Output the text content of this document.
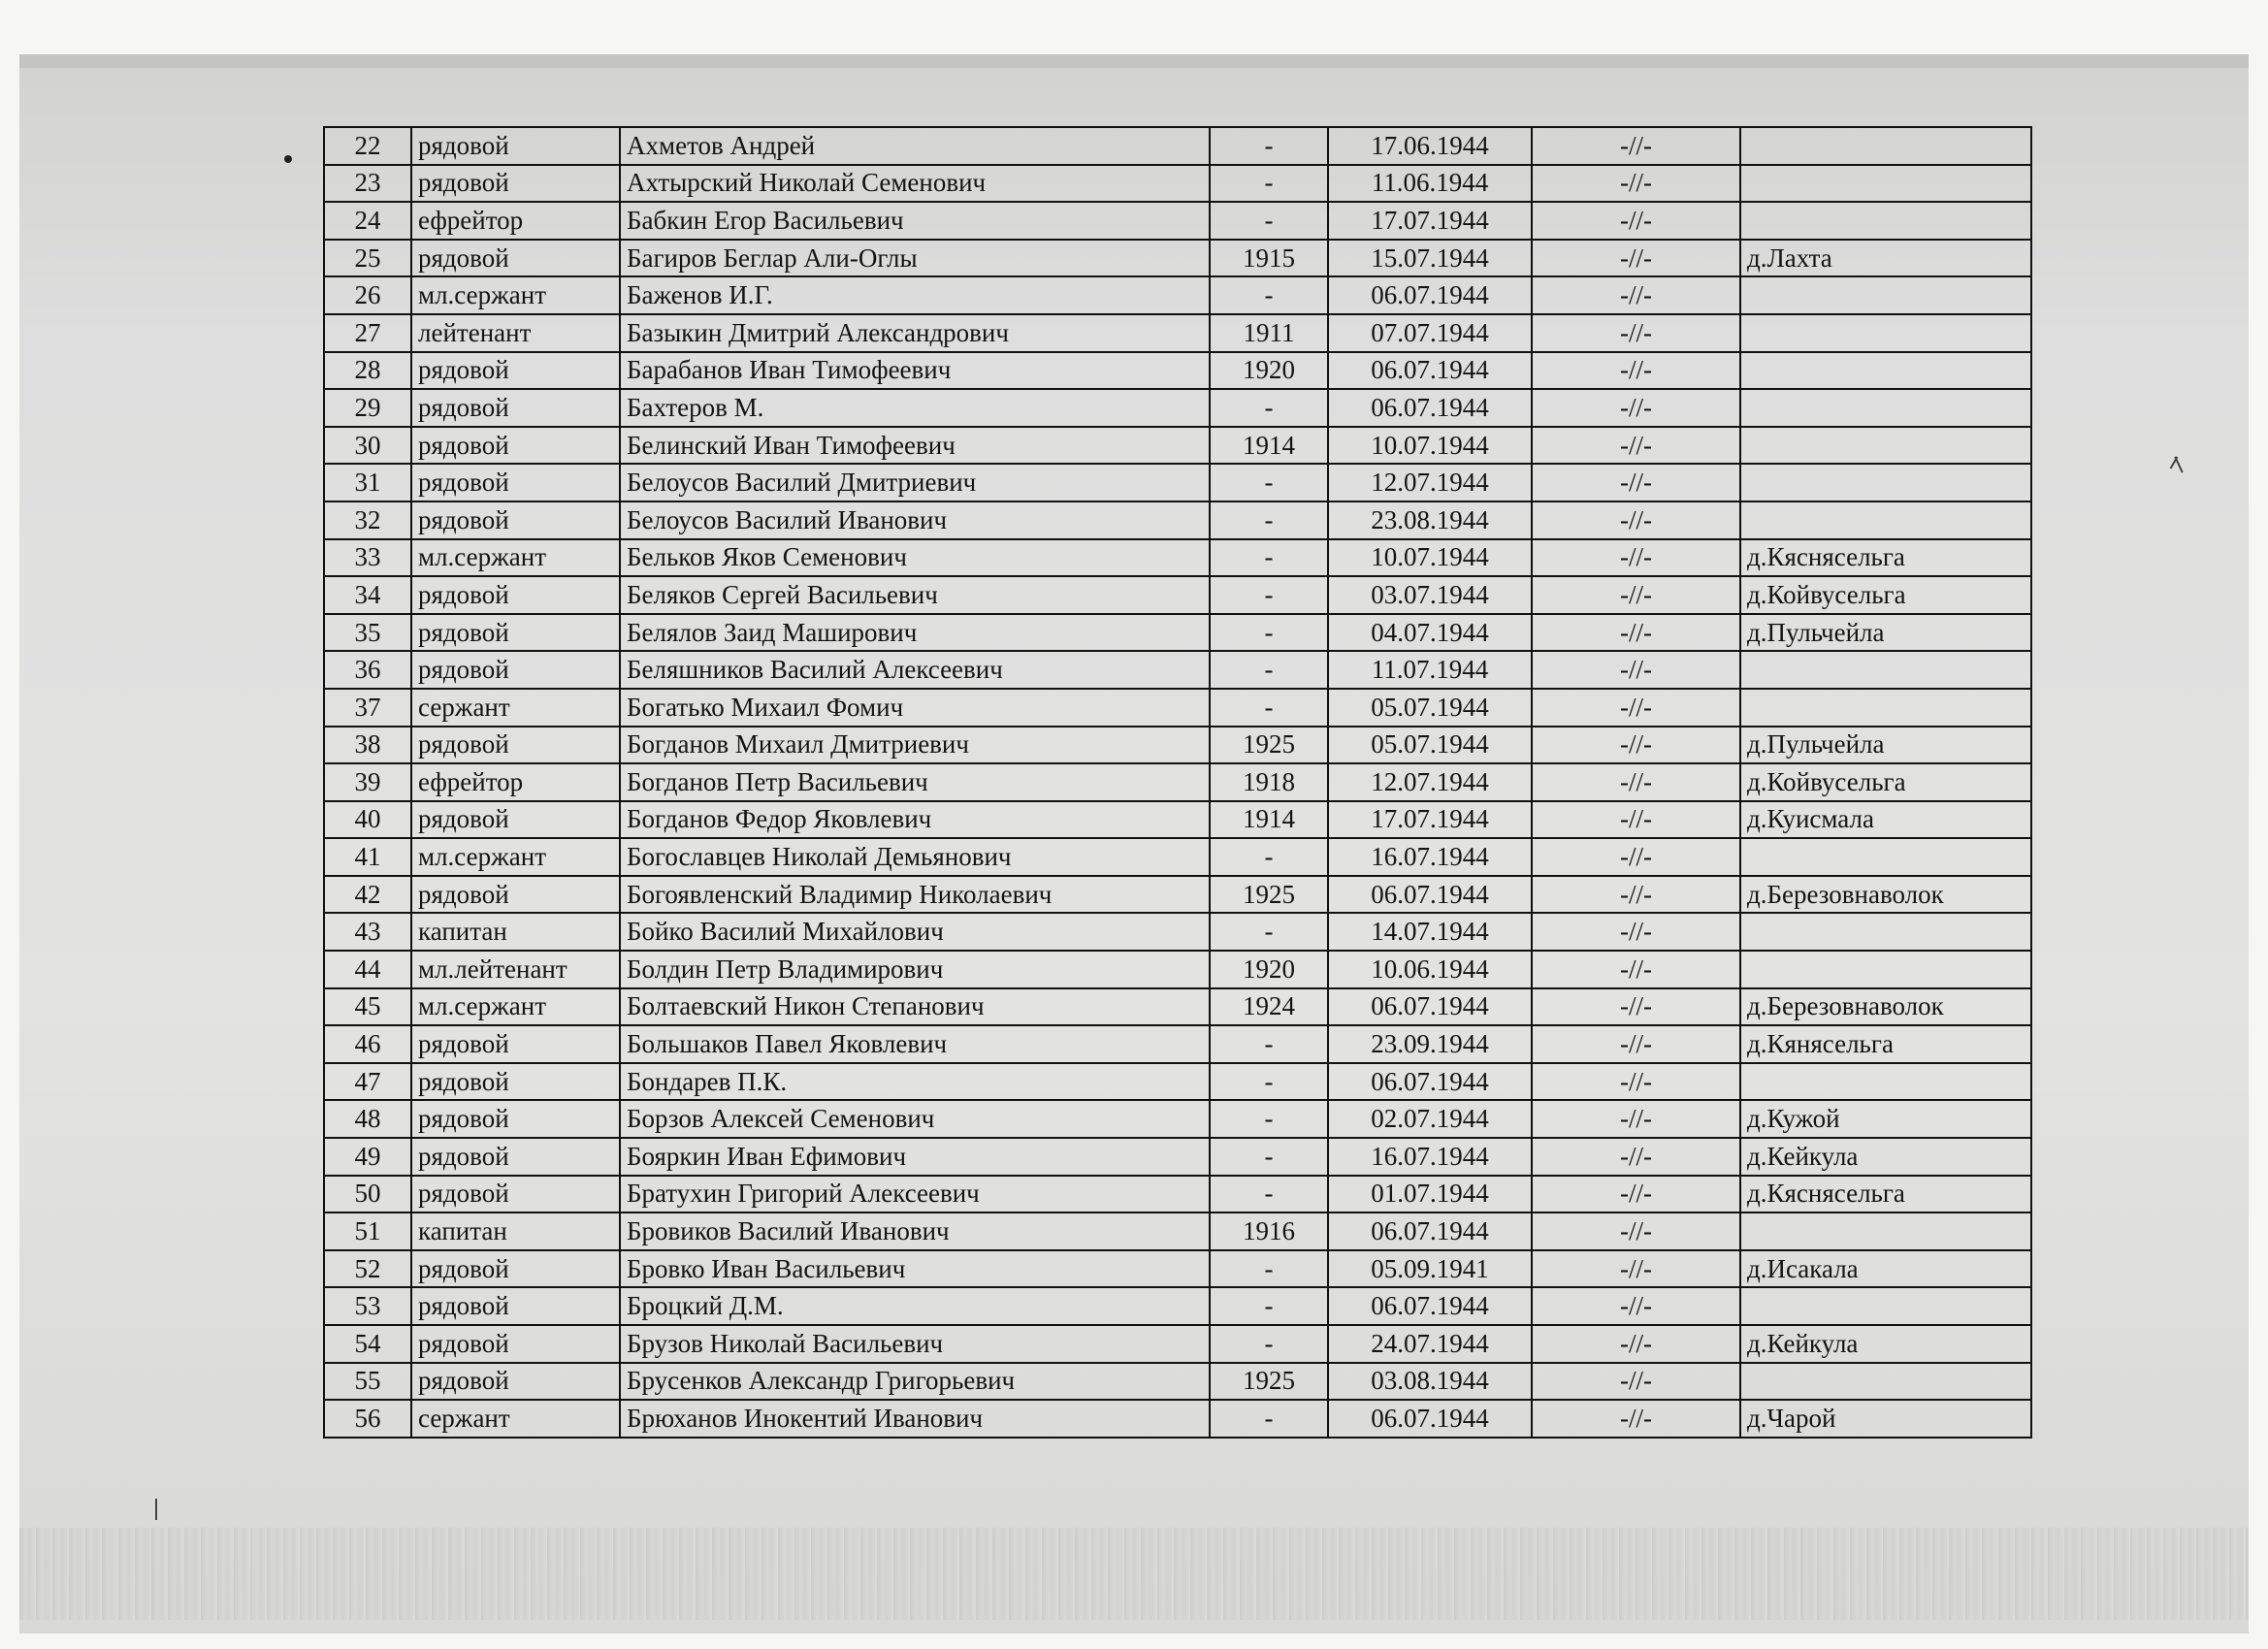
22	рядовой	Ахметов Андрей	-	17.06.1944	-//-	
23	рядовой	Ахтырский Николай Семенович	-	11.06.1944	-//-	
24	ефрейтор	Бабкин Егор Васильевич	-	17.07.1944	-//-	
25	рядовой	Багиров Беглар Али-Оглы	1915	15.07.1944	-//-	д.Лахта
26	мл.сержант	Баженов И.Г.	-	06.07.1944	-//-	
27	лейтенант	Базыкин Дмитрий Александрович	1911	07.07.1944	-//-	
28	рядовой	Барабанов Иван Тимофеевич	1920	06.07.1944	-//-	
29	рядовой	Бахтеров М.	-	06.07.1944	-//-	
30	рядовой	Белинский Иван Тимофеевич	1914	10.07.1944	-//-	
31	рядовой	Белоусов Василий Дмитриевич	-	12.07.1944	-//-	
32	рядовой	Белоусов Василий Иванович	-	23.08.1944	-//-	
33	мл.сержант	Бельков Яков Семенович	-	10.07.1944	-//-	д.Кяснясельга
34	рядовой	Беляков Сергей Васильевич	-	03.07.1944	-//-	д.Койвусельга
35	рядовой	Белялов Заид Маширович	-	04.07.1944	-//-	д.Пульчейла
36	рядовой	Беляшников Василий Алексеевич	-	11.07.1944	-//-	
37	сержант	Богатько Михаил Фомич	-	05.07.1944	-//-	
38	рядовой	Богданов Михаил Дмитриевич	1925	05.07.1944	-//-	д.Пульчейла
39	ефрейтор	Богданов Петр Васильевич	1918	12.07.1944	-//-	д.Койвусельга
40	рядовой	Богданов Федор Яковлевич	1914	17.07.1944	-//-	д.Куисмала
41	мл.сержант	Богославцев Николай Демьянович	-	16.07.1944	-//-	
42	рядовой	Богоявленский Владимир Николаевич	1925	06.07.1944	-//-	д.Березовнаволок
43	капитан	Бойко Василий Михайлович	-	14.07.1944	-//-	
44	мл.лейтенант	Болдин Петр Владимирович	1920	10.06.1944	-//-	
45	мл.сержант	Болтаевский Никон Степанович	1924	06.07.1944	-//-	д.Березовнаволок
46	рядовой	Большаков Павел Яковлевич	-	23.09.1944	-//-	д.Кянясельга
47	рядовой	Бондарев П.К.	-	06.07.1944	-//-	
48	рядовой	Борзов Алексей Семенович	-	02.07.1944	-//-	д.Кужой
49	рядовой	Бояркин Иван Ефимович	-	16.07.1944	-//-	д.Кейкула
50	рядовой	Братухин Григорий Алексеевич	-	01.07.1944	-//-	д.Кяснясельга
51	капитан	Бровиков Василий Иванович	1916	06.07.1944	-//-	
52	рядовой	Бровко Иван Васильевич	-	05.09.1941	-//-	д.Исакала
53	рядовой	Броцкий Д.М.	-	06.07.1944	-//-	
54	рядовой	Брузов Николай Васильевич	-	24.07.1944	-//-	д.Кейкула
55	рядовой	Брусенков Александр Григорьевич	1925	03.08.1944	-//-	
56	сержант	Брюханов Инокентий Иванович	-	06.07.1944	-//-	д.Чарой
